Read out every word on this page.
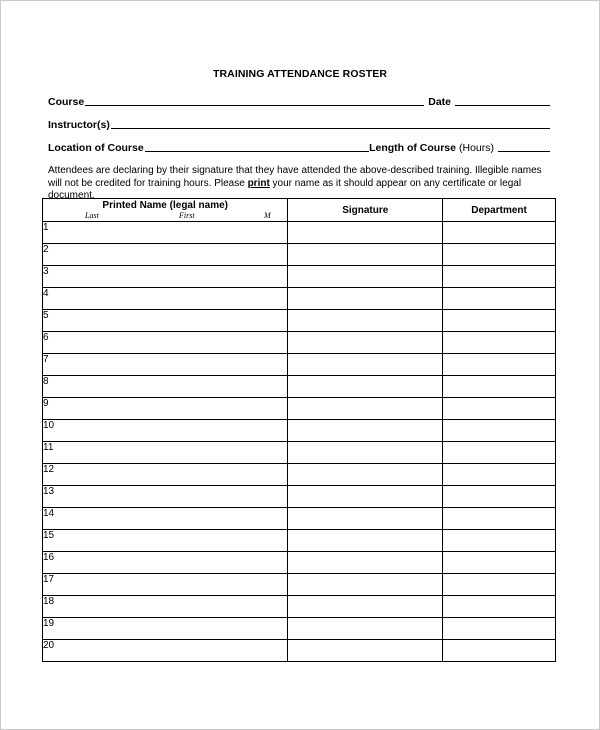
TRAINING ATTENDANCE ROSTER
Course	Date
Instructor(s)
Location of Course	Length of Course (Hours)
Attendees are declaring by their signature that they have attended the above-described training. Illegible names will not be credited for training hours. Please print your name as it should appear on any certificate or legal document.
Printed Name (legal name)
Last First M	Signature	Department
1		
2		
3		
4		
5		
6		
7		
8		
9		
10		
11		
12		
13		
14		
15		
16		
17		
18		
19		
20		
